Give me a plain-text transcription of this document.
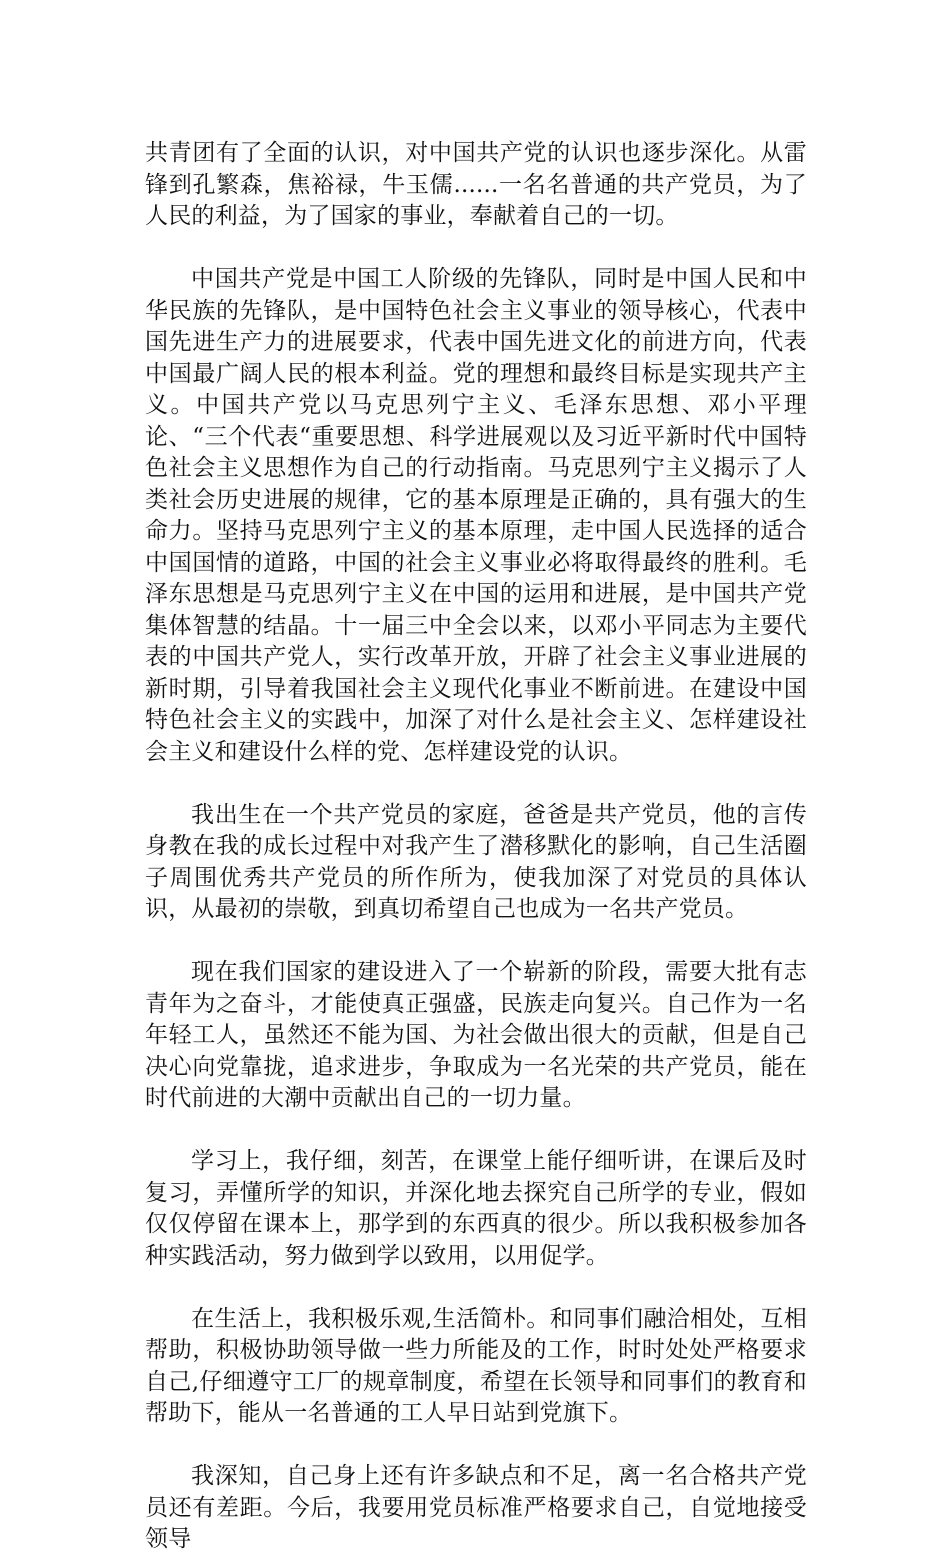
共青团有了全面的认识，对中国共产党的认识也逐步深化。从雷锋到孔繁森，焦裕禄，牛玉儒......一名名普通的共产党员，为了人民的利益，为了国家的事业，奉献着自己的一切。

中国共产党是中国工人阶级的先锋队，同时是中国人民和中华民族的先锋队，是中国特色社会主义事业的领导核心，代表中国先进生产力的进展要求，代表中国先进文化的前进方向，代表中国最广阔人民的根本利益。党的理想和最终目标是实现共产主义。中国共产党以马克思列宁主义、毛泽东思想、邓小平理论、“三个代表“重要思想、科学进展观以及习近平新时代中国特色社会主义思想作为自己的行动指南。马克思列宁主义揭示了人类社会历史进展的规律，它的基本原理是正确的，具有强大的生命力。坚持马克思列宁主义的基本原理，走中国人民选择的适合中国国情的道路，中国的社会主义事业必将取得最终的胜利。毛泽东思想是马克思列宁主义在中国的运用和进展，是中国共产党集体智慧的结晶。十一届三中全会以来，以邓小平同志为主要代表的中国共产党人，实行改革开放，开辟了社会主义事业进展的新时期，引导着我国社会主义现代化事业不断前进。在建设中国特色社会主义的实践中，加深了对什么是社会主义、怎样建设社会主义和建设什么样的党、怎样建设党的认识。

我出生在一个共产党员的家庭，爸爸是共产党员，他的言传身教在我的成长过程中对我产生了潜移默化的影响，自己生活圈子周围优秀共产党员的所作所为，使我加深了对党员的具体认识，从最初的崇敬，到真切希望自己也成为一名共产党员。

现在我们国家的建设进入了一个崭新的阶段，需要大批有志青年为之奋斗，才能使真正强盛，民族走向复兴。自己作为一名年轻工人，虽然还不能为国、为社会做出很大的贡献，但是自己决心向党靠拢，追求进步，争取成为一名光荣的共产党员，能在时代前进的大潮中贡献出自己的一切力量。

学习上，我仔细，刻苦，在课堂上能仔细听讲，在课后及时复习，弄懂所学的知识，并深化地去探究自己所学的专业，假如仅仅停留在课本上，那学到的东西真的很少。所以我积极参加各种实践活动，努力做到学以致用，以用促学。

在生活上，我积极乐观,生活简朴。和同事们融洽相处，互相帮助，积极协助领导做一些力所能及的工作，时时处处严格要求自己,仔细遵守工厂的规章制度，希望在长领导和同事们的教育和帮助下，能从一名普通的工人早日站到党旗下。

我深知，自己身上还有许多缺点和不足，离一名合格共产党员还有差距。今后，我要用党员标准严格要求自己，自觉地接受领导
